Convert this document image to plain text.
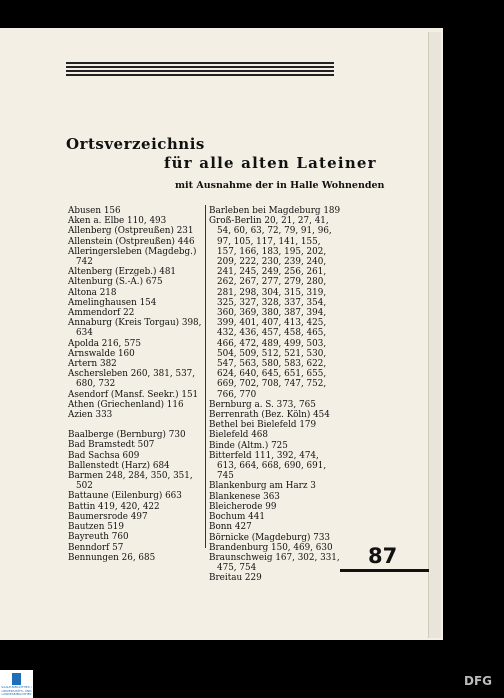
Ortsverzeichnis
für alle alten Lateiner
mit Ausnahme der in Halle Wohnenden
Abusen 156
Aken a. Elbe 110, 493
Allenberg (Ostpreußen) 231
Allenstein (Ostpreußen) 446
Alleringersleben (Magdebg.) 742
Altenberg (Erzgeb.) 481
Altenburg (S.-A.) 675
Altona 218
Amelinghausen 154
Ammendorf 22
Annaburg (Kreis Torgau) 398, 634
Apolda 216, 575
Arnswalde 160
Artern 382
Aschersleben 260, 381, 537, 680, 732
Asendorf (Mansf. Seekr.) 151
Athen (Griechenland) 116
Azien 333
Baalberge (Bernburg) 730
Bad Bramstedt 507
Bad Sachsa 609
Ballenstedt (Harz) 684
Barmen 248, 284, 350, 351, 502
Battaune (Eilenburg) 663
Battin 419, 420, 422
Baumersrode 497
Bautzen 519
Bayreuth 760
Benndorf 57
Bennungen 26, 685
Barleben bei Magdeburg 189
Groß-Berlin 20, 21, 27, 41, 54, 60, 63, 72, 79, 91, 96, 97, 105, 117, 141, 155, 157, 166, 183, 195, 202, 209, 222, 230, 239, 240, 241, 245, 249, 256, 261, 262, 267, 277, 279, 280, 281, 298, 304, 315, 319, 325, 327, 328, 337, 354, 360, 369, 380, 387, 394, 399, 401, 407, 413, 425, 432, 436, 457, 458, 465, 466, 472, 489, 499, 503, 504, 509, 512, 521, 530, 547, 563, 580, 583, 622, 624, 640, 645, 651, 655, 669, 702, 708, 747, 752, 766, 770
Bernburg a. S. 373, 765
Berrenrath (Bez. Köln) 454
Bethel bei Bielefeld 179
Bielefeld 468
Binde (Altm.) 725
Bitterfeld 111, 392, 474, 613, 664, 668, 690, 691, 745
Blankenburg am Harz 3
Blankenese 363
Bleicherode 99
Bochum 441
Bonn 427
Börnicke (Magdeburg) 733
Brandenburg 150, 469, 630
Braunschweig 167, 302, 331, 475, 754
Breitau 229
87
SAALE-BIBLIOTHEK / UNIVERSITÄTS- UND LANDESBIBLIOTHEK
DFG
